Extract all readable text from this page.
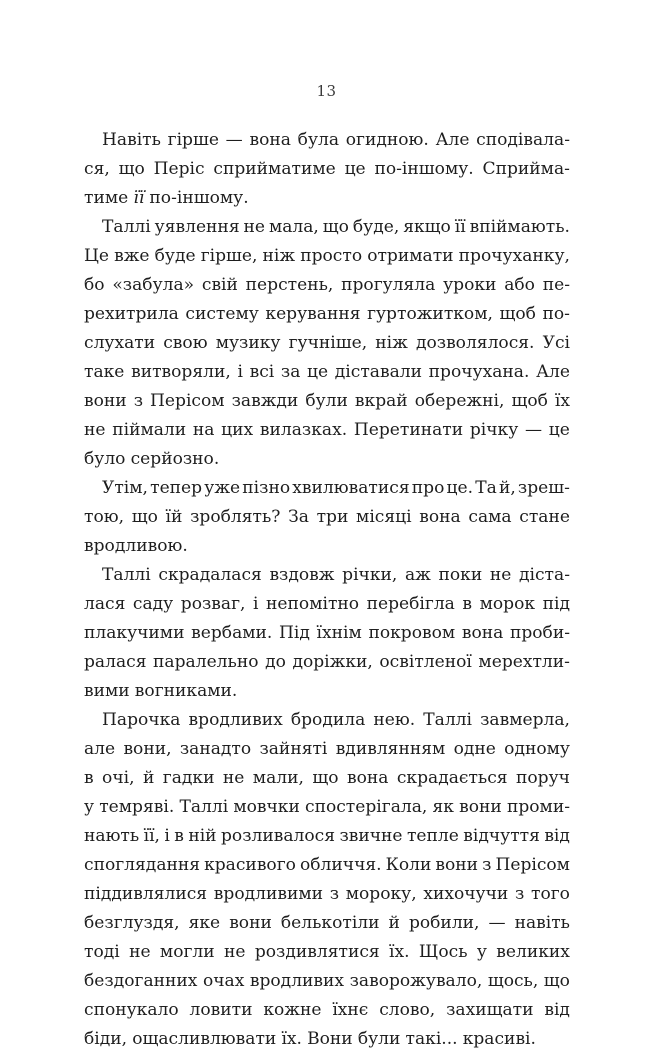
13
Навіть гірше — вона була огидною. Але сподівала-
ся, що Періс сприйматиме це по-іншому. Сприйма-
тиме її по-іншому.
Таллі уявлення не мала, що буде, якщо її впіймають.
Це вже буде гірше, ніж просто отримати прочуханку,
бо «забула» свій перстень, прогуляла уроки або пе-
рехитрила систему керування гуртожитком, щоб по-
слухати свою музику гучніше, ніж дозволялося. Усі
таке витворяли, і всі за це діставали прочухана. Але
вони з Перісом завжди були вкрай обережні, щоб їх
не піймали на цих вилазках. Перетинати річку — це
було серйозно.
Утім, тепер уже пізно хвилюватися про це. Та й, зреш-
тою, що їй зроблять? За три місяці вона сама стане
вродливою.
Таллі скрадалася вздовж річки, аж поки не діста-
лася саду розваг, і непомітно перебігла в морок під
плакучими вербами. Під їхнім покровом вона проби-
ралася паралельно до доріжки, освітленої мерехтли-
вими вогниками.
Парочка вродливих бродила нею. Таллі завмерла,
але вони, занадто зайняті вдивлянням одне одному
в очі, й гадки не мали, що вона скрадається поруч
у темряві. Таллі мовчки спостерігала, як вони проми-
нають її, і в ній розливалося звичне тепле відчуття від
споглядання красивого обличчя. Коли вони з Перісом
піддивлялися вродливими з мороку, хихочучи з того
безглуздя, яке вони белькотіли й робили, — навіть
тоді не могли не роздивлятися їх. Щось у великих
бездоганних очах вродливих заворожувало, щось, що
спонукало ловити кожне їхнє слово, захищати від
біди, ощасливлювати їх. Вони були такі... красиві.
